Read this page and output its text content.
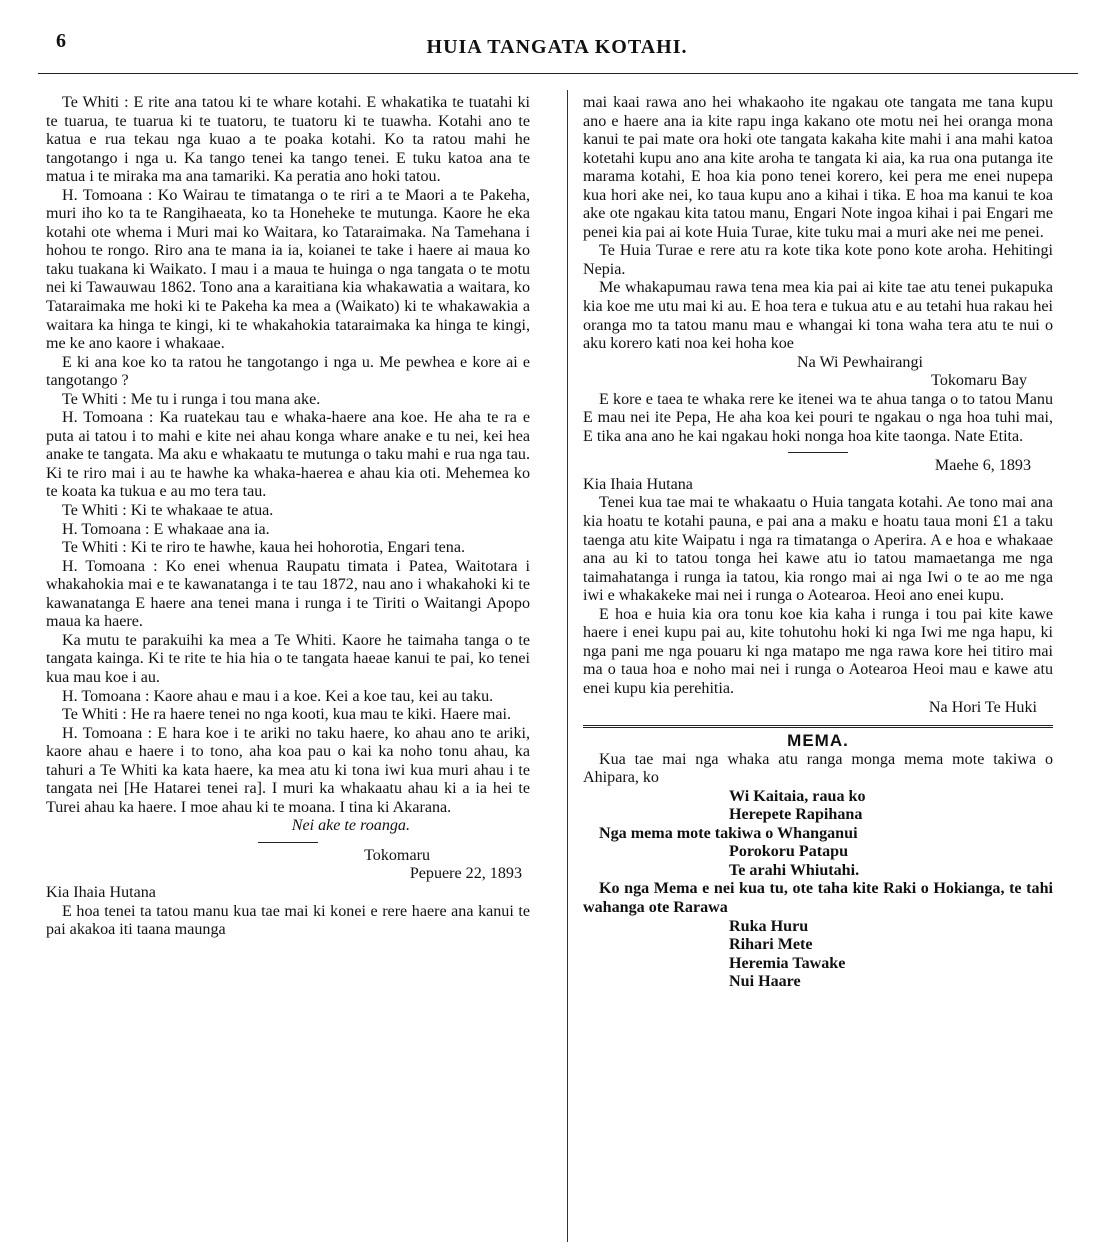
6	HUIA TANGATA KOTAHI.

Te Whiti : E rite ana tatou ki te whare kotahi. E whakatika te tuatahi ki te tuarua, te tuarua ki te tuatoru, te tuatoru ki te tuawha. Kotahi ano te katua e rua tekau nga kuao a te poaka kotahi. Ko ta ratou mahi he tangotango i nga u. Ka tango tenei ka tango tenei. E tuku katoa ana te matua i te miraka ma ana tamariki. Ka peratia ano hoki tatou.

H. Tomoana : Ko Wairau te timatanga o te riri a te Maori a te Pakeha, muri iho ko ta te Rangihaeata, ko ta Honeheke te mutunga. Kaore he eka kotahi ote whema i Muri mai ko Waitara, ko Tataraimaka. Na Tamehana i hohou te rongo. Riro ana te mana ia ia, koianei te take i haere ai maua ko taku tuakana ki Waikato. I mau i a maua te huinga o nga tangata o te motu nei ki Tawauwau 1862. Tono ana a karaitiana kia whakawatia a waitara, ko Tataraimaka me hoki ki te Pakeha ka mea a (Waikato) ki te whakawakia a waitara ka hinga te kingi, ki te whakahokia tataraimaka ka hinga te kingi, me ke ano kaore i whakaae.

E ki ana koe ko ta ratou he tangotango i nga u. Me pewhea e kore ai e tangotango ?

Te Whiti : Me tu i runga i tou mana ake.

H. Tomoana : Ka ruatekau tau e whaka-haere ana koe. He aha te ra e puta ai tatou i to mahi e kite nei ahau konga whare anake e tu nei, kei hea anake te tangata. Ma aku e whakaatu te mutunga o taku mahi e rua nga tau. Ki te riro mai i au te hawhe ka whaka-haerea e ahau kia oti. Mehemea ko te koata ka tukua e au mo tera tau.

Te Whiti : Ki te whakaae te atua.

H. Tomoana : E whakaae ana ia.

Te Whiti : Ki te riro te hawhe, kaua hei hohorotia, Engari tena.

H. Tomoana : Ko enei whenua Raupatu timata i Patea, Waitotara i whakahokia mai e te kawanatanga i te tau 1872, nau ano i whakahoki ki te kawanatanga E haere ana tenei mana i runga i te Tiriti o Waitangi Apopo maua ka haere.

Ka mutu te parakuihi ka mea a Te Whiti. Kaore he taimaha tanga o te tangata kainga. Ki te rite te hia hia o te tangata haeae kanui te pai, ko tenei kua mau koe i au.

H. Tomoana : Kaore ahau e mau i a koe. Kei a koe tau, kei au taku.

Te Whiti : He ra haere tenei no nga kooti, kua mau te kiki. Haere mai.

H. Tomoana : E hara koe i te ariki no taku haere, ko ahau ano te ariki, kaore ahau e haere i to tono, aha koa pau o kai ka noho tonu ahau, ka tahuri a Te Whiti ka kata haere, ka mea atu ki tona iwi kua muri ahau i te tangata nei [He Hatarei tenei ra]. I muri ka whakaatu ahau ki a ia hei te Turei ahau ka haere. I moe ahau ki te moana. I tina ki Akarana.

Nei ake te roanga.

Tokomaru

Pepuere 22, 1893

Kia Ihaia Hutana

E hoa tenei ta tatou manu kua tae mai ki konei e rere haere ana kanui te pai akakoa iti taana maunga

mai kaai rawa ano hei whakaoho ite ngakau ote tangata me tana kupu ano e haere ana ia kite rapu inga kakano ote motu nei hei oranga mona kanui te pai mate ora hoki ote tangata kakaha kite mahi i ana mahi katoa kotetahi kupu ano ana kite aroha te tangata ki aia, ka rua ona putanga ite marama kotahi, E hoa kia pono tenei korero, kei pera me enei nupepa kua hori ake nei, ko taua kupu ano a kihai i tika. E hoa ma kanui te koa ake ote ngakau kita tatou manu, Engari Note ingoa kihai i pai Engari me penei kia pai ai kote Huia Turae, kite tuku mai a muri ake nei me penei.

Te Huia Turae e rere atu ra kote tika kote pono kote aroha. Hehitingi Nepia.

Me whakapumau rawa tena mea kia pai ai kite tae atu tenei pukapuka kia koe me utu mai ki au. E hoa tera e tukua atu e au tetahi hua rakau hei oranga mo ta tatou manu mau e whangai ki tona waha tera atu te nui o aku korero kati noa kei hoha koe

Na Wi Pewhairangi

Tokomaru Bay

E kore e taea te whaka rere ke itenei wa te ahua tanga o to tatou Manu E mau nei ite Pepa, He aha koa kei pouri te ngakau o nga hoa tuhi mai, E tika ana ano he kai ngakau hoki nonga hoa kite taonga. Nate Etita.

Maehe 6, 1893

Kia Ihaia Hutana

Tenei kua tae mai te whakaatu o Huia tangata kotahi. Ae tono mai ana kia hoatu te kotahi pauna, e pai ana a maku e hoatu taua moni £1 a taku taenga atu kite Waipatu i nga ra timatanga o Aperira. A e hoa e whakaae ana au ki to tatou tonga hei kawe atu io tatou mamaetanga me nga taimahatanga i runga ia tatou, kia rongo mai ai nga Iwi o te ao me nga iwi e whakakeke mai nei i runga o Aotearoa. Heoi ano enei kupu.

E hoa e huia kia ora tonu koe kia kaha i runga i tou pai kite kawe haere i enei kupu pai au, kite tohutohu hoki ki nga Iwi me nga hapu, ki nga pani me nga pouaru ki nga matapo me nga rawa kore hei titiro mai ma o taua hoa e noho mai nei i runga o Aotearoa Heoi mau e kawe atu enei kupu kia perehitia.

Na Hori Te Huki

MEMA.

Kua tae mai nga whaka atu ranga monga mema mote takiwa o Ahipara, ko

Wi Kaitaia, raua ko

Herepete Rapihana

Nga mema mote takiwa o Whanganui

Porokoru Patapu

Te arahi Whiutahi.

Ko nga Mema e nei kua tu, ote taha kite Raki o Hokianga, te tahi wahanga ote Rarawa

Ruka Huru

Rihari Mete

Heremia Tawake

Nui Haare
